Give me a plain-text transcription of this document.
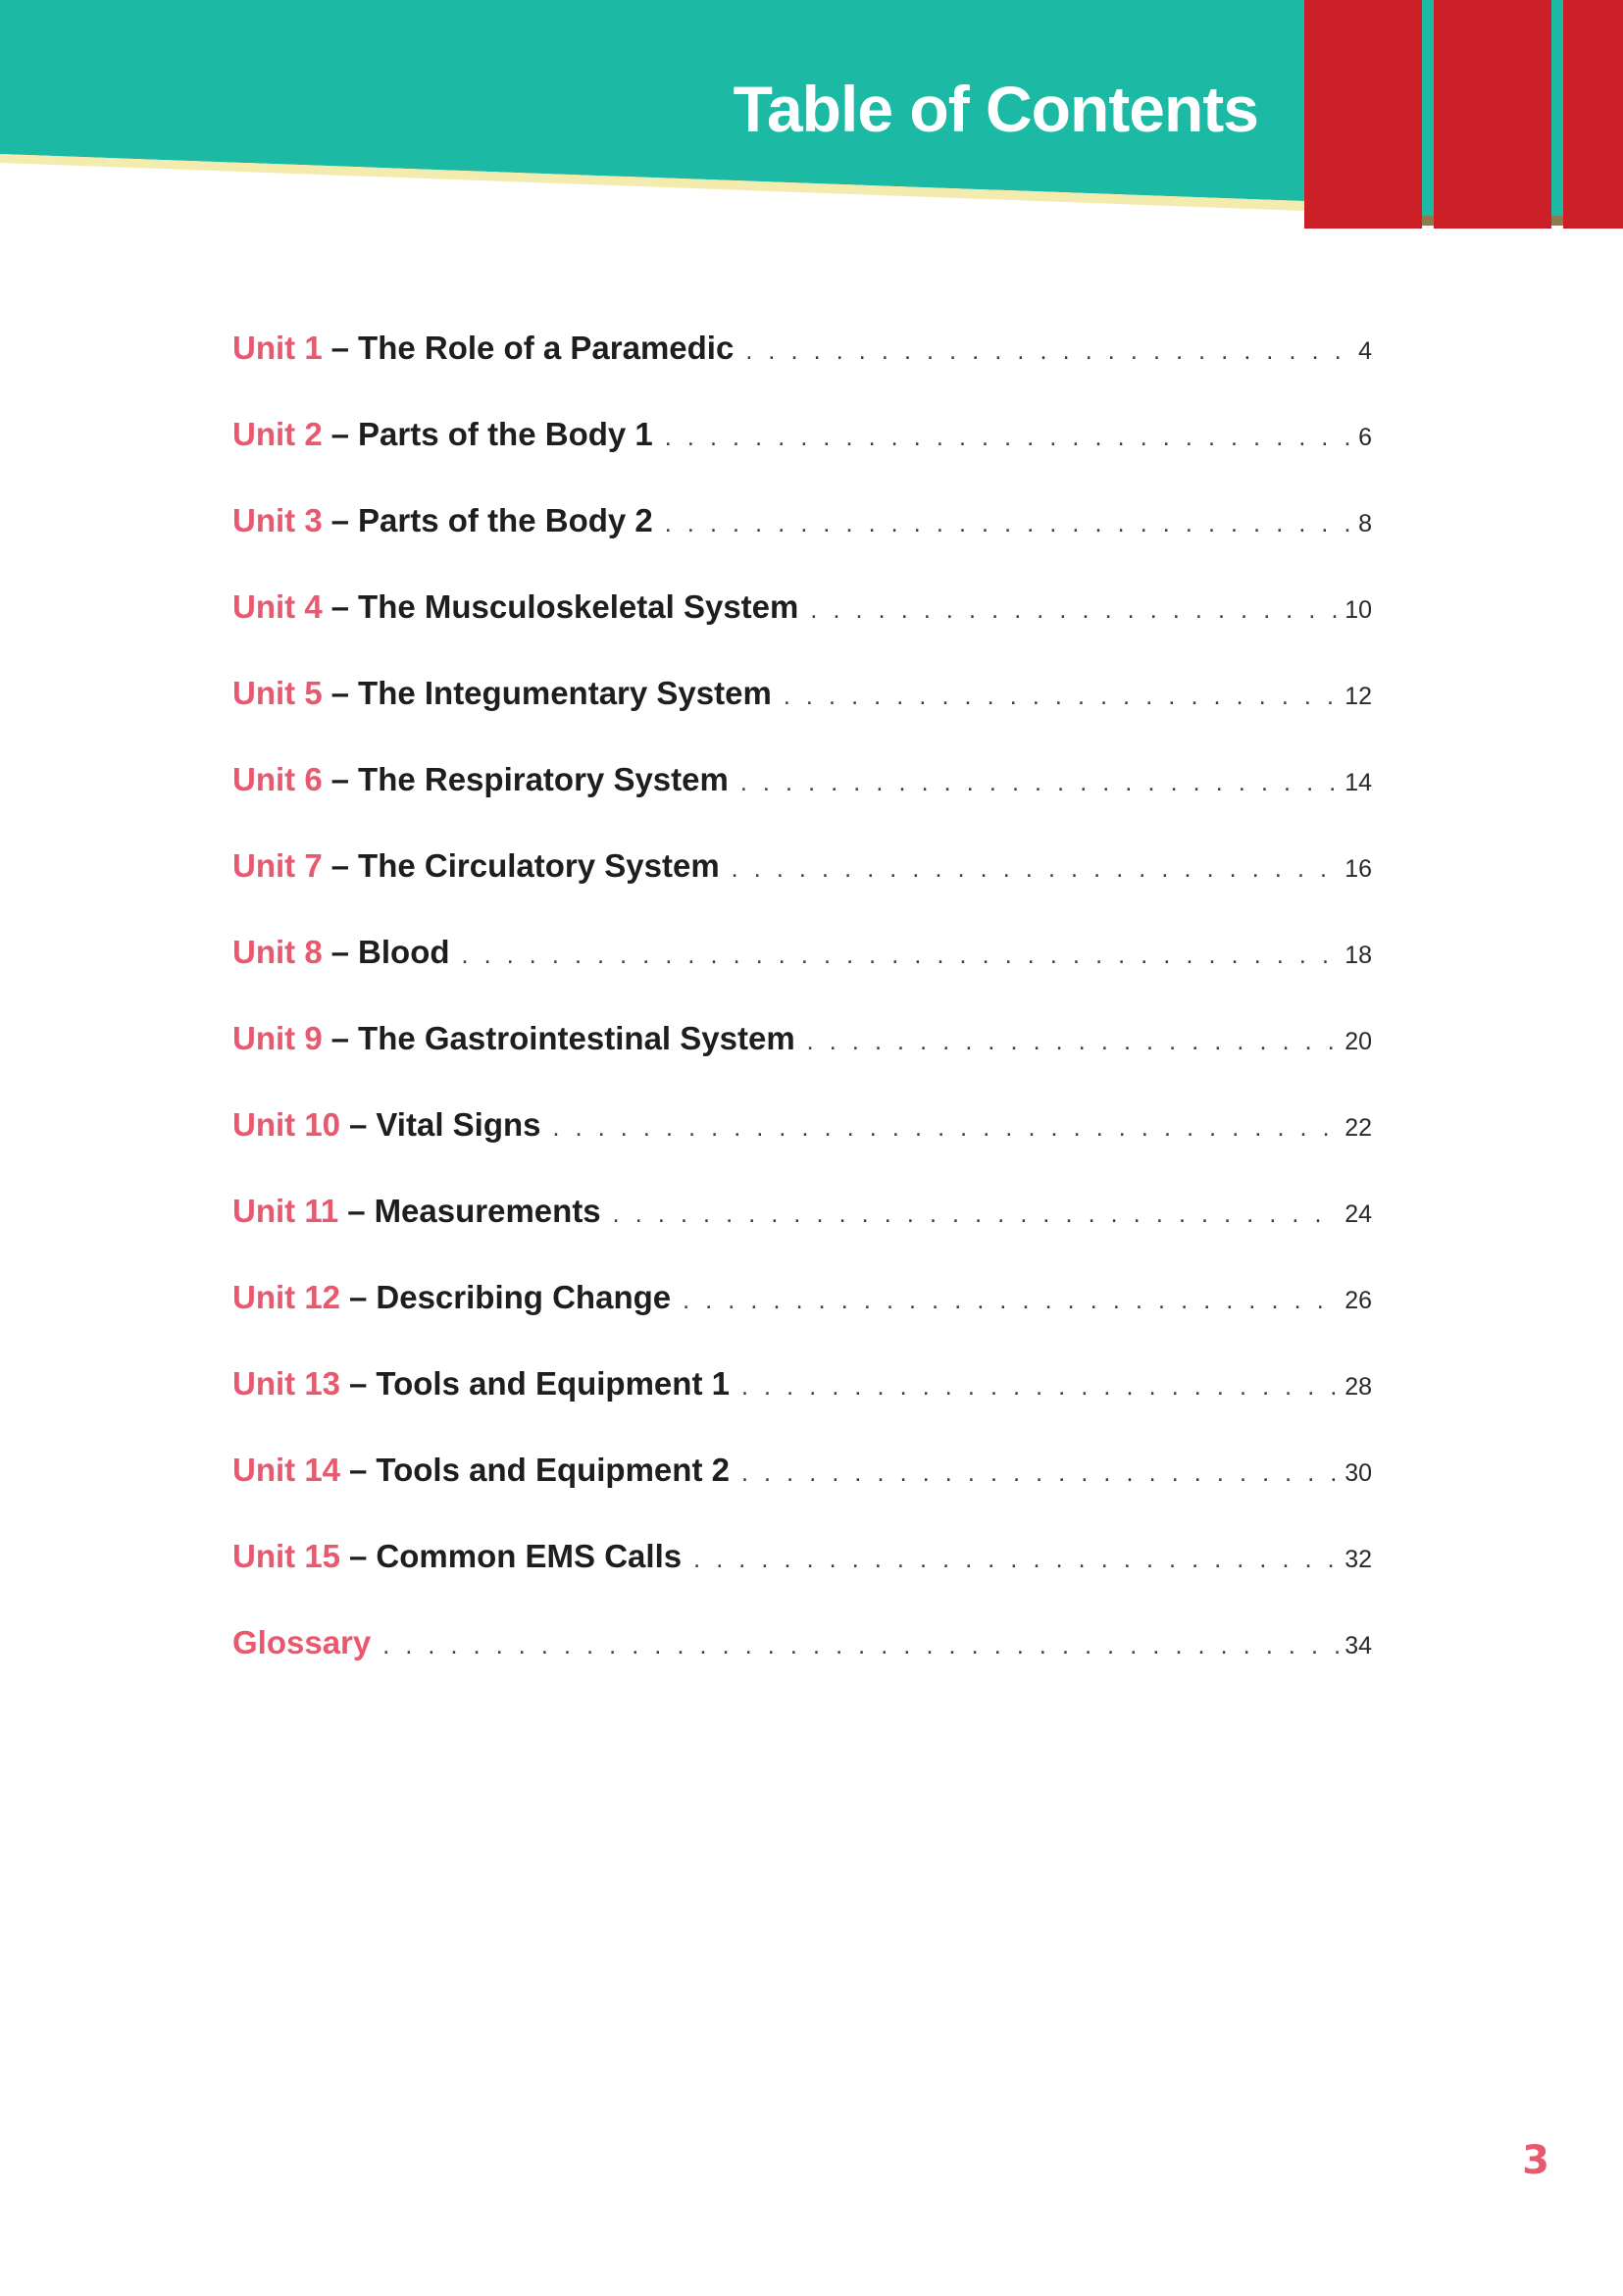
Table of Contents
Unit 1 – The Role of a Paramedic . . .	4
Unit 2 – Parts of the Body 1 . . .	6
Unit 3 – Parts of the Body 2 . . .	8
Unit 4 – The Musculoskeletal System . . .	10
Unit 5 – The Integumentary System . . .	12
Unit 6 – The Respiratory System . . .	14
Unit 7 – The Circulatory System . . .	16
Unit 8 – Blood . . .	18
Unit 9 – The Gastrointestinal System . . .	20
Unit 10 – Vital Signs . . .	22
Unit 11 – Measurements . . .	24
Unit 12 – Describing Change . . .	26
Unit 13 – Tools and Equipment 1 . . .	28
Unit 14 – Tools and Equipment 2 . . .	30
Unit 15 – Common EMS Calls . . .	32
Glossary . . .	34
3
